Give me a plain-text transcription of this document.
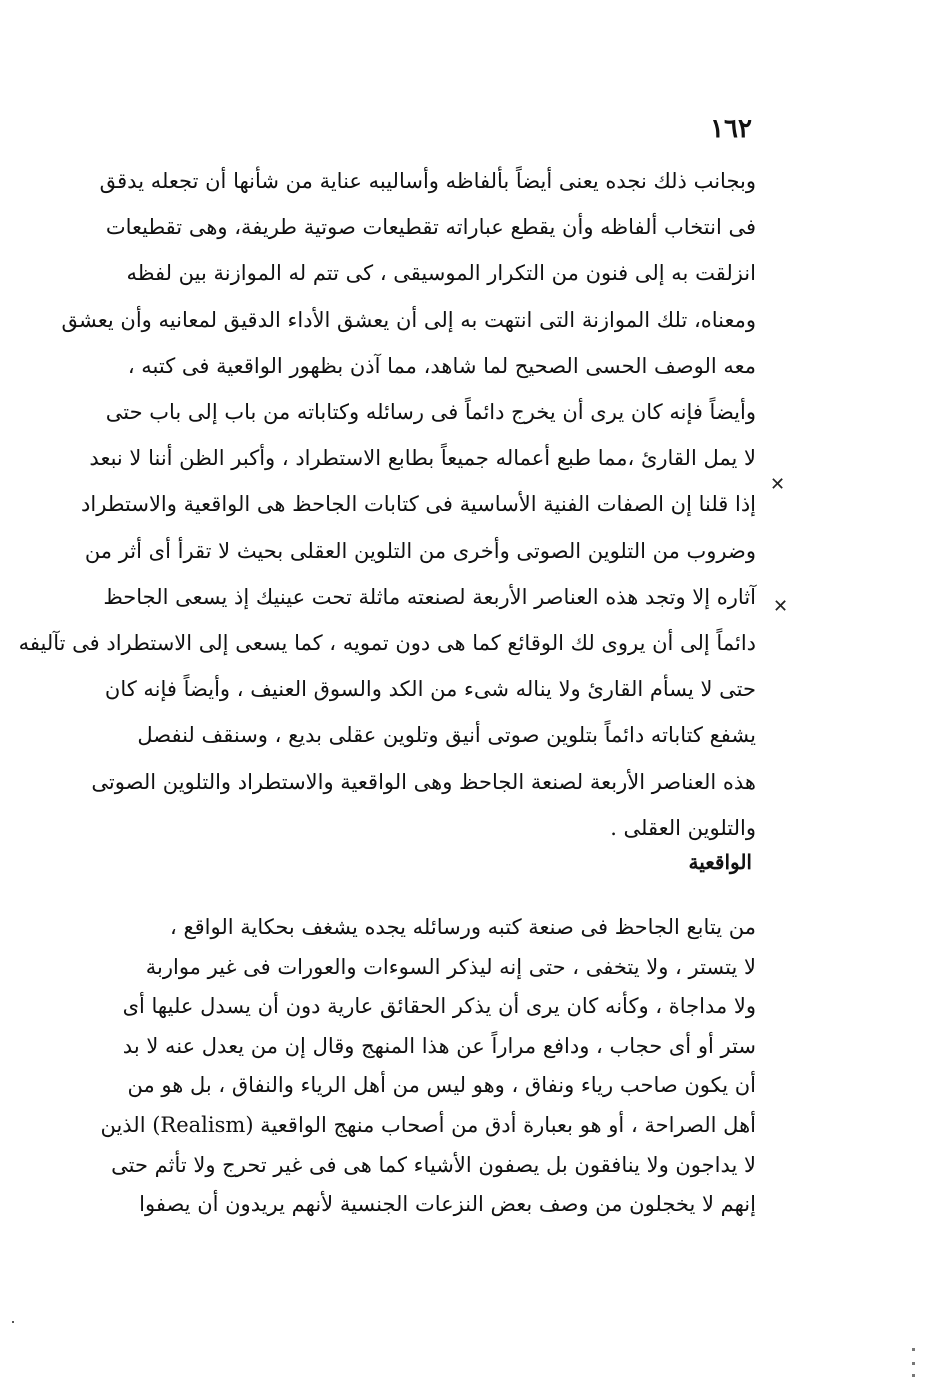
١٦٢
وبجانب ذلك نجده يعنى أيضاً بألفاظه وأساليبه عناية من شأنها أن تجعله يدقق
فى انتخاب ألفاظه وأن يقطع عباراته تقطيعات صوتية طريفة، وهى تقطيعات
انزلقت به إلى فنون من التكرار الموسيقى ، كى تتم له الموازنة بين لفظه
ومعناه، تلك الموازنة التى انتهت به إلى أن يعشق الأداء الدقيق لمعانيه وأن يعشق
معه الوصف الحسى الصحيح لما شاهد، مما آذن بظهور الواقعية فى كتبه ،
وأيضاً فإنه كان يرى أن يخرج دائماً فى رسائله وكتاباته من باب إلى باب حتى
لا يمل القارئ ،مما طبع أعماله جميعاً بطابع الاستطراد ، وأكبر الظن أننا لا نبعد
إذا قلنا إن الصفات الفنية الأساسية فى كتابات الجاحظ هى الواقعية والاستطراد
وضروب من التلوين الصوتى وأخرى من التلوين العقلى بحيث لا تقرأ أى أثر من
آثاره إلا وتجد هذه العناصر الأربعة لصنعته ماثلة تحت عينيك إذ يسعى الجاحظ
دائماً إلى أن يروى لك الوقائع كما هى دون تمويه ، كما يسعى إلى الاستطراد فى تآليفه
حتى لا يسأم القارئ ولا يناله شىء من الكد والسوق العنيف ، وأيضاً فإنه كان
يشفع كتاباته دائماً بتلوين صوتى أنيق وتلوين عقلى بديع ، وسنقف لنفصل
هذه العناصر الأربعة لصنعة الجاحظ وهى الواقعية والاستطراد والتلوين الصوتى
والتلوين العقلى .
✕
✕
الواقعية
من يتابع الجاحظ فى صنعة كتبه ورسائله يجده يشغف بحكاية الواقع ،
لا يتستر ، ولا يتخفى ، حتى إنه ليذكر السوءات والعورات فى غير مواربة
ولا مداجاة ، وكأنه كان يرى أن يذكر الحقائق عارية دون أن يسدل عليها أى
ستر أو أى حجاب ، ودافع مراراً عن هذا المنهج وقال إن من يعدل عنه لا بد
أن يكون صاحب رياء ونفاق ، وهو ليس من أهل الرياء والنفاق ، بل هو من
أهل الصراحة ، أو هو بعبارة أدق من أصحاب منهج الواقعية (Realism) الذين
لا يداجون ولا ينافقون بل يصفون الأشياء كما هى فى غير تحرج ولا تأثم حتى
إنهم لا يخجلون من وصف بعض النزعات الجنسية لأنهم يريدون أن يصفوا
